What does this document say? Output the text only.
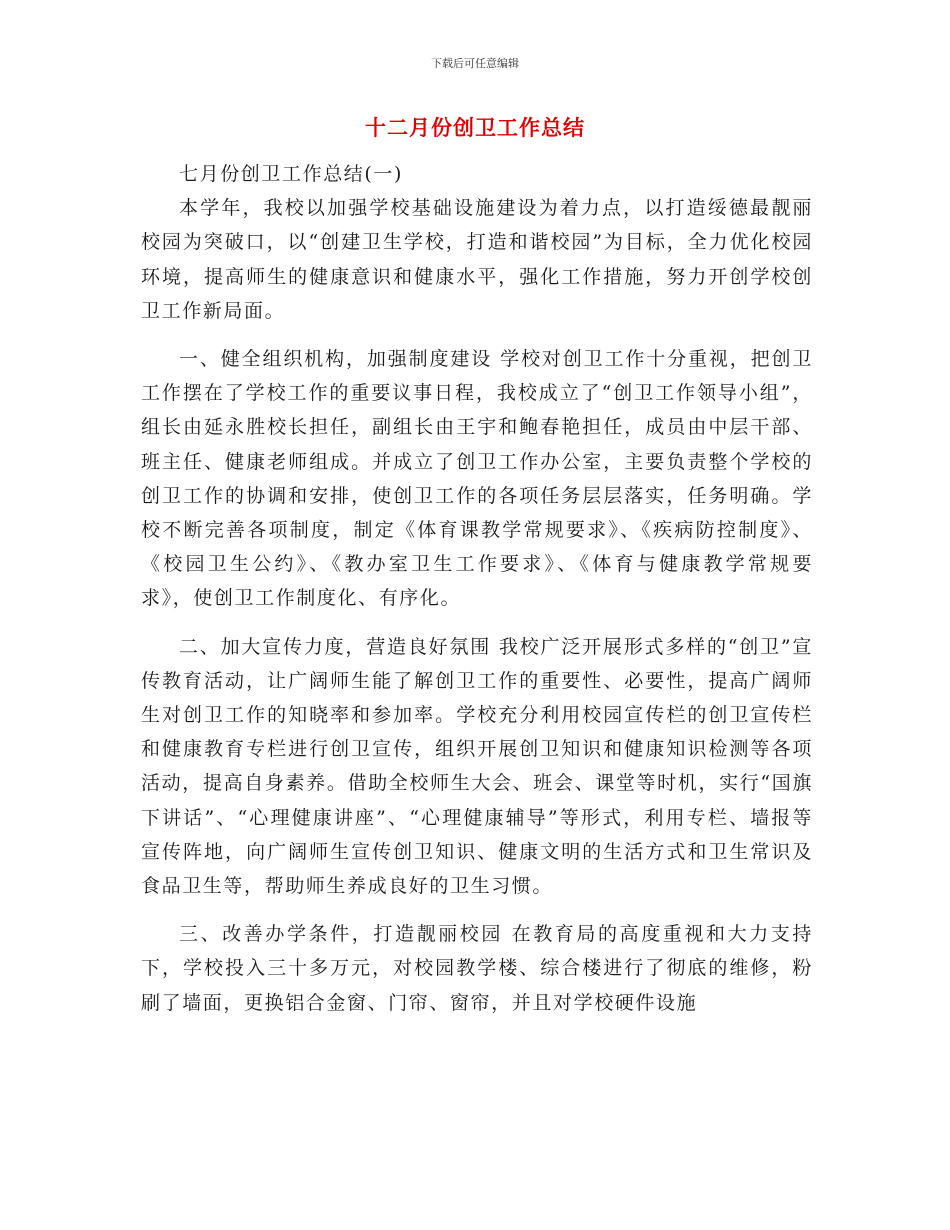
下载后可任意编辑
十二月份创卫工作总结

七月份创卫工作总结(一)

本学年，我校以加强学校基础设施建设为着力点，以打造绥德最靓丽校园为突破口，以“创建卫生学校，打造和谐校园”为目标，全力优化校园环境，提高师生的健康意识和健康水平，强化工作措施，努力开创学校创卫工作新局面。

一、健全组织机构，加强制度建设 学校对创卫工作十分重视，把创卫工作摆在了学校工作的重要议事日程，我校成立了“创卫工作领导小组”，组长由延永胜校长担任，副组长由王宇和鲍春艳担任，成员由中层干部、班主任、健康老师组成。并成立了创卫工作办公室，主要负责整个学校的创卫工作的协调和安排，使创卫工作的各项任务层层落实，任务明确。学校不断完善各项制度，制定《体育课教学常规要求》、《疾病防控制度》、《校园卫生公约》、《教办室卫生工作要求》、《体育与健康教学常规要求》，使创卫工作制度化、有序化。

二、加大宣传力度，营造良好氛围 我校广泛开展形式多样的“创卫”宣传教育活动，让广阔师生能了解创卫工作的重要性、必要性，提高广阔师生对创卫工作的知晓率和参加率。学校充分利用校园宣传栏的创卫宣传栏和健康教育专栏进行创卫宣传，组织开展创卫知识和健康知识检测等各项活动，提高自身素养。借助全校师生大会、班会、课堂等时机，实行“国旗下讲话”、“心理健康讲座”、“心理健康辅导”等形式，利用专栏、墙报等宣传阵地，向广阔师生宣传创卫知识、健康文明的生活方式和卫生常识及食品卫生等，帮助师生养成良好的卫生习惯。

三、改善办学条件，打造靓丽校园 在教育局的高度重视和大力支持下，学校投入三十多万元，对校园教学楼、综合楼进行了彻底的维修，粉刷了墙面，更换铝合金窗、门帘、窗帘，并且对学校硬件设施
